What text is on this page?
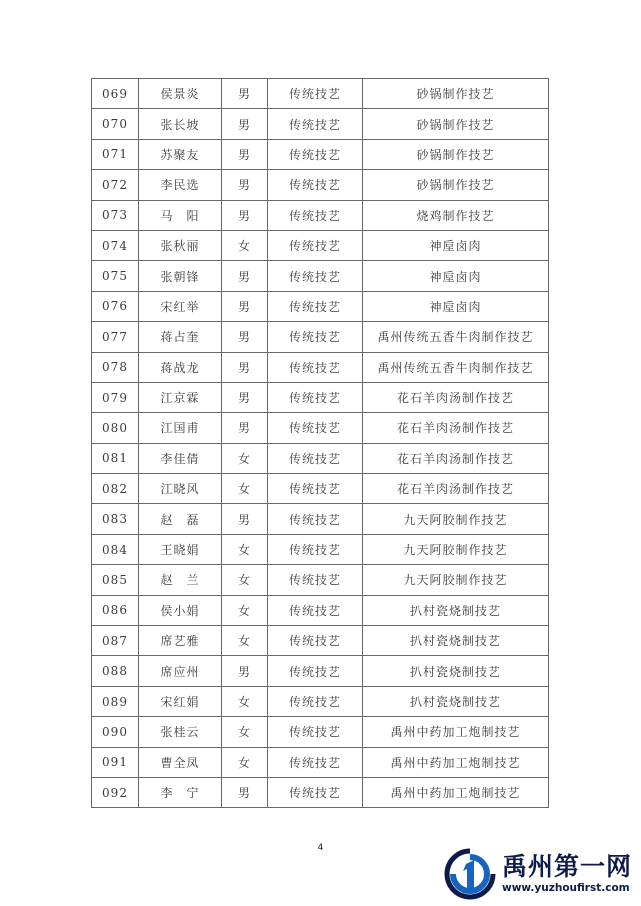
069	侯景炎	男	传统技艺	砂锅制作技艺
070	张长坡	男	传统技艺	砂锅制作技艺
071	苏聚友	男	传统技艺	砂锅制作技艺
072	李民选	男	传统技艺	砂锅制作技艺
073	马　阳	男	传统技艺	烧鸡制作技艺
074	张秋丽	女	传统技艺	神垕卤肉
075	张朝锋	男	传统技艺	神垕卤肉
076	宋红举	男	传统技艺	神垕卤肉
077	蒋占奎	男	传统技艺	禹州传统五香牛肉制作技艺
078	蒋战龙	男	传统技艺	禹州传统五香牛肉制作技艺
079	江京霖	男	传统技艺	花石羊肉汤制作技艺
080	江国甫	男	传统技艺	花石羊肉汤制作技艺
081	李佳倩	女	传统技艺	花石羊肉汤制作技艺
082	江晓风	女	传统技艺	花石羊肉汤制作技艺
083	赵　磊	男	传统技艺	九天阿胶制作技艺
084	王晓娟	女	传统技艺	九天阿胶制作技艺
085	赵　兰	女	传统技艺	九天阿胶制作技艺
086	侯小娟	女	传统技艺	扒村瓷烧制技艺
087	席艺雅	女	传统技艺	扒村瓷烧制技艺
088	席应州	男	传统技艺	扒村瓷烧制技艺
089	宋红娟	女	传统技艺	扒村瓷烧制技艺
090	张桂云	女	传统技艺	禹州中药加工炮制技艺
091	曹全凤	女	传统技艺	禹州中药加工炮制技艺
092	李　宁	男	传统技艺	禹州中药加工炮制技艺
4
禹州第一网
www.yuzhoufirst.com
